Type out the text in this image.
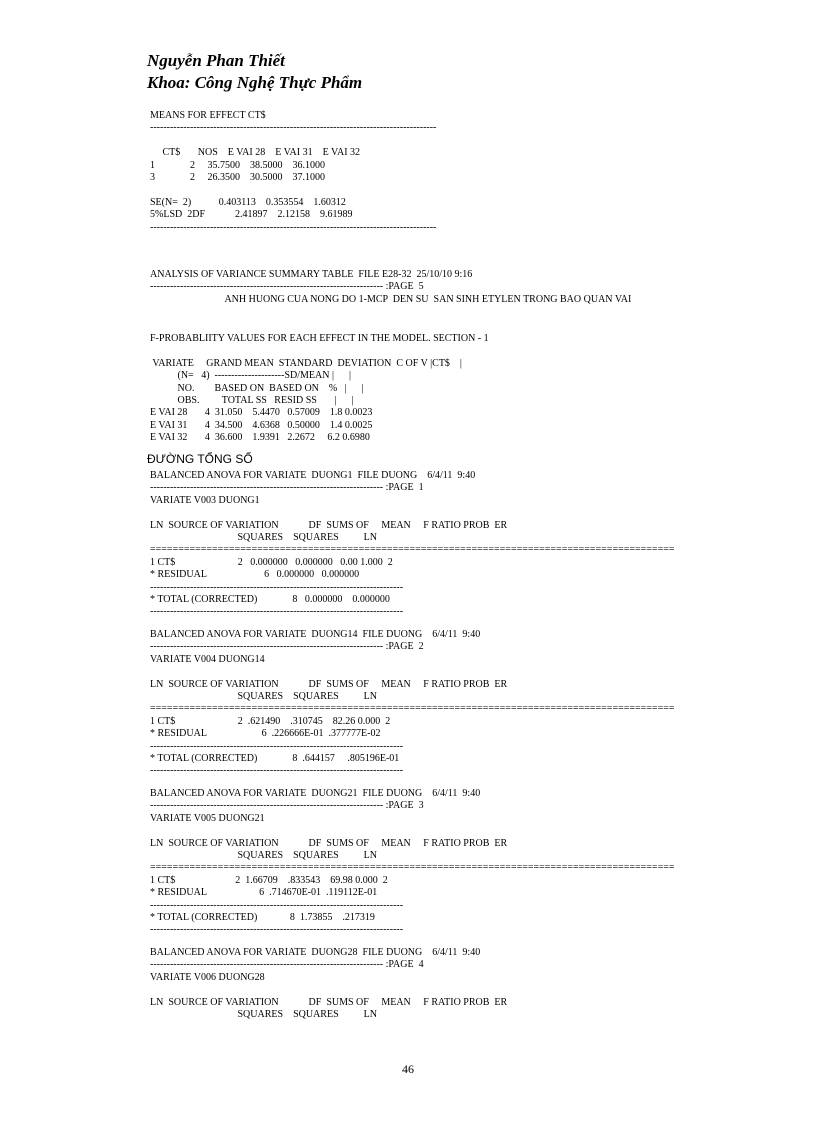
Nguyễn Phan Thiết
Khoa: Công Nghệ Thực Phẩm
MEANS FOR EFFECT CT$
--------------------------------------------------------------------------------------

CT$       NOS    E VAI 28    E VAI 31    E VAI 32
1              2     35.7500    38.5000    36.1000
3              2     26.3500    30.5000    37.1000

SE(N=  2)           0.403113    0.353554    1.60312
5%LSD  2DF            2.41897    2.12158    9.61989
--------------------------------------------------------------------------------------
ANALYSIS OF VARIANCE SUMMARY TABLE  FILE E28-32  25/10/10 9:16
---------------------------------------------------------------------- :PAGE  5
ANH HUONG CUA NONG DO 1-MCP  DEN SU  SAN SINH ETYLEN TRONG BAO QUAN VAI
F-PROBABLIITY VALUES FOR EACH EFFECT IN THE MODEL. SECTION - 1

VARIATE     GRAND MEAN  STANDARD  DEVIATION  C OF V |CT$    |
(N=   4)  ---------------------SD/MEAN |      |
NO.        BASED ON  BASED ON    %   |      |
OBS.         TOTAL SS   RESID SS       |      |
E VAI 28       4  31.050    5.4470   0.57009    1.8 0.0023
E VAI 31       4  34.500    4.6368   0.50000    1.4 0.0025
E VAI 32       4  36.600    1.9391   2.2672     6.2 0.6980
ĐƯỜNG TỔNG SỐ
BALANCED ANOVA FOR VARIATE  DUONG1  FILE DUONG    6/4/11  9:40
---------------------------------------------------------------------- :PAGE  1
VARIATE V003 DUONG1

LN  SOURCE OF VARIATION            DF  SUMS OF     MEAN     F RATIO PROB  ER
SQUARES    SQUARES          LN
=============================================================================================
1 CT$                         2   0.000000   0.000000   0.00 1.000  2
* RESIDUAL                       6   0.000000   0.000000
----------------------------------------------------------------------------
* TOTAL (CORRECTED)              8   0.000000    0.000000
----------------------------------------------------------------------------
BALANCED ANOVA FOR VARIATE  DUONG14  FILE DUONG    6/4/11  9:40
---------------------------------------------------------------------- :PAGE  2
VARIATE V004 DUONG14

LN  SOURCE OF VARIATION            DF  SUMS OF     MEAN     F RATIO PROB  ER
SQUARES    SQUARES          LN
=============================================================================================
1 CT$                         2  .621490    .310745    82.26 0.000  2
* RESIDUAL                      6  .226666E-01  .377777E-02
----------------------------------------------------------------------------
* TOTAL (CORRECTED)              8  .644157     .805196E-01
----------------------------------------------------------------------------
BALANCED ANOVA FOR VARIATE  DUONG21  FILE DUONG    6/4/11  9:40
---------------------------------------------------------------------- :PAGE  3
VARIATE V005 DUONG21

LN  SOURCE OF VARIATION            DF  SUMS OF     MEAN     F RATIO PROB  ER
SQUARES    SQUARES          LN
=============================================================================================
1 CT$                        2  1.66709    .833543    69.98 0.000  2
* RESIDUAL                     6  .714670E-01  .119112E-01
----------------------------------------------------------------------------
* TOTAL (CORRECTED)             8  1.73855    .217319
----------------------------------------------------------------------------
BALANCED ANOVA FOR VARIATE  DUONG28  FILE DUONG    6/4/11  9:40
---------------------------------------------------------------------- :PAGE  4
VARIATE V006 DUONG28

LN  SOURCE OF VARIATION            DF  SUMS OF     MEAN     F RATIO PROB  ER
SQUARES    SQUARES          LN
46
